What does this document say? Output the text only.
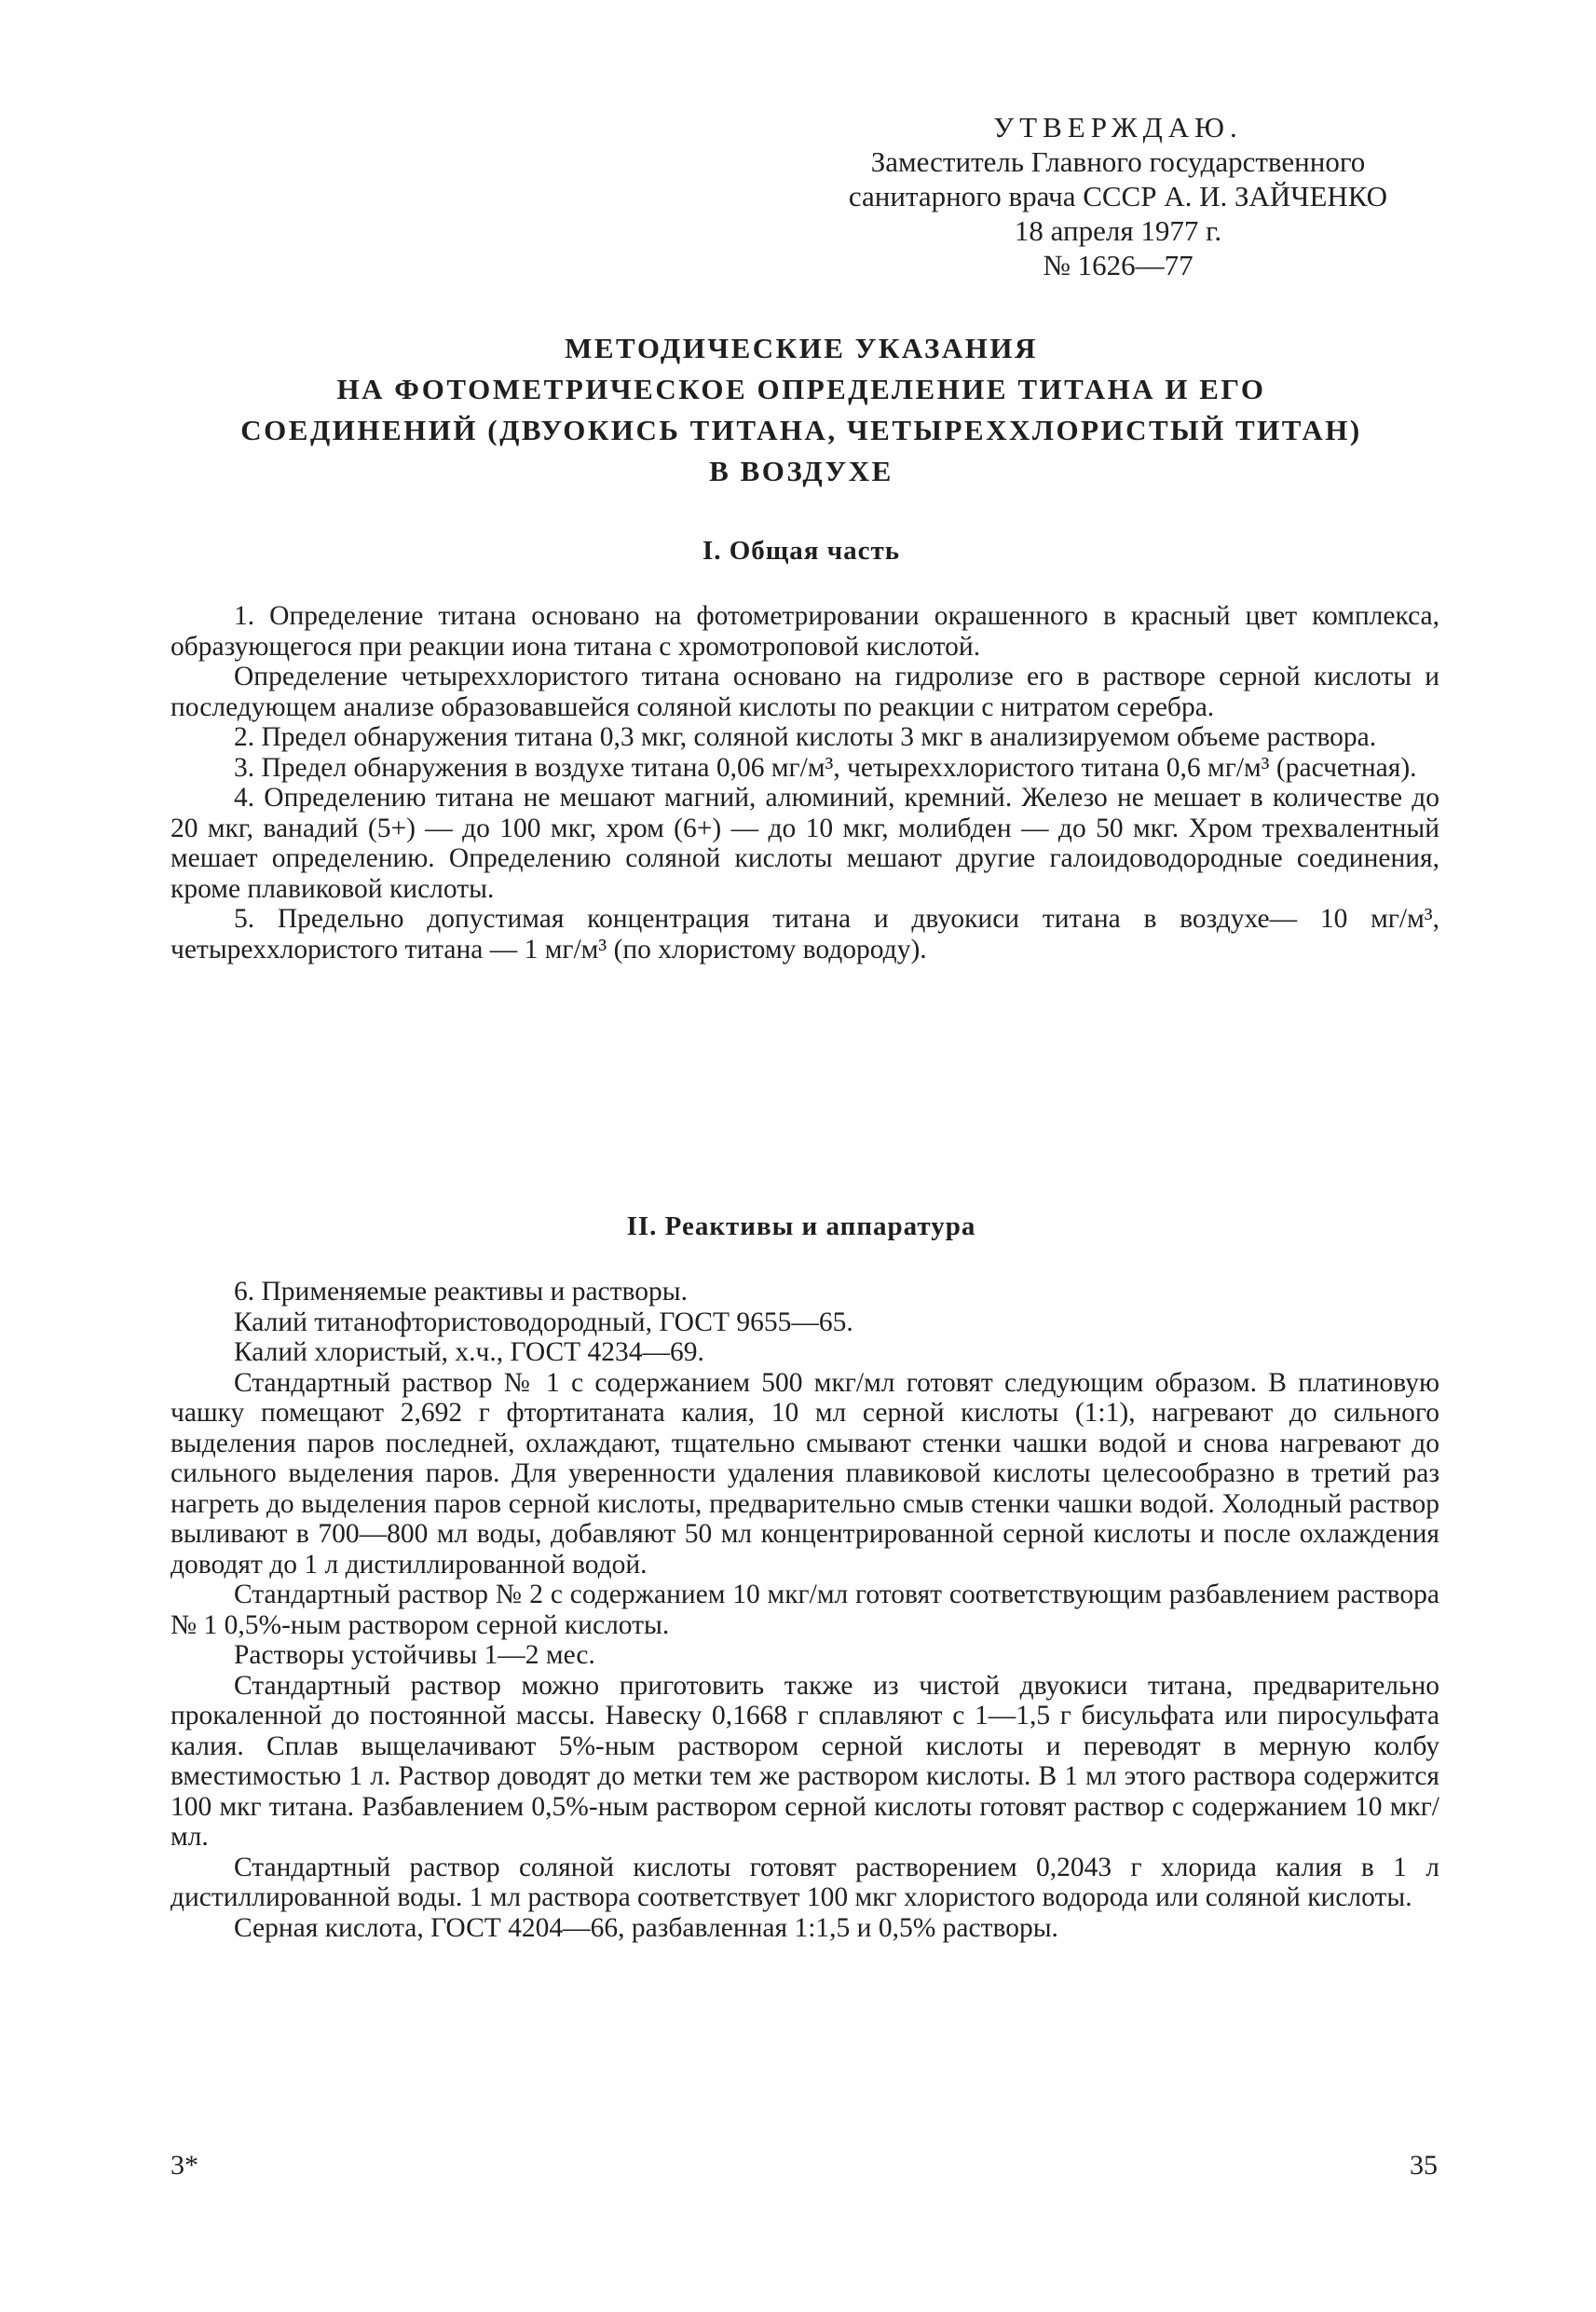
УТВЕРЖДАЮ.
Заместитель Главного государственного
санитарного врача СССР А. И. ЗАЙЧЕНКО
18 апреля 1977 г.
№ 1626—77
МЕТОДИЧЕСКИЕ УКАЗАНИЯ
НА ФОТОМЕТРИЧЕСКОЕ ОПРЕДЕЛЕНИЕ ТИТАНА И ЕГО
СОЕДИНЕНИЙ (ДВУОКИСЬ ТИТАНА, ЧЕТЫРЕХХЛОРИСТЫЙ ТИТАН)
В ВОЗДУХЕ
I. Общая часть

1. Определение титана основано на фотометрировании окрашенного в красный цвет комплекса, образующегося при реакции иона титана с хромотроповой кислотой.

Определение четыреххлористого титана основано на гидролизе его в растворе серной кислоты и последующем анализе образовавшейся соляной кислоты по реакции с нитратом серебра.

2. Предел обнаружения титана 0,3 мкг, соляной кислоты 3 мкг в анализируемом объеме раствора.

3. Предел обнаружения в воздухе титана 0,06 мг/м³, четыреххлористого титана 0,6 мг/м³ (расчетная).

4. Определению титана не мешают магний, алюминий, кремний. Железо не мешает в количестве до 20 мкг, ванадий (5+) — до 100 мкг, хром (6+) — до 10 мкг, молибден — до 50 мкг. Хром трехвалентный мешает определению. Определению соляной кислоты мешают другие галоидоводородные соединения, кроме плавиковой кислоты.

5. Предельно допустимая концентрация титана и двуокиси титана в воздухе— 10 мг/м³, четыреххлористого титана — 1 мг/м³ (по хлористому водороду).

II. Реактивы и аппаратура

6. Применяемые реактивы и растворы.

Калий титанофтористоводородный, ГОСТ 9655—65.

Калий хлористый, х.ч., ГОСТ 4234—69.

Стандартный раствор № 1 с содержанием 500 мкг/мл готовят следующим образом. В платиновую чашку помещают 2,692 г фтортитаната калия, 10 мл серной кислоты (1:1), нагревают до сильного выделения паров последней, охлаждают, тщательно смывают стенки чашки водой и снова нагревают до сильного выделения паров. Для уверенности удаления плавиковой кислоты целесообразно в третий раз нагреть до выделения паров серной кислоты, предварительно смыв стенки чашки водой. Холодный раствор выливают в 700—800 мл воды, добавляют 50 мл концентрированной серной кислоты и после охлаждения доводят до 1 л дистиллированной водой.

Стандартный раствор № 2 с содержанием 10 мкг/мл готовят соответствующим разбавлением раствора № 1 0,5%-ным раствором серной кислоты.

Растворы устойчивы 1—2 мес.

Стандартный раствор можно приготовить также из чистой двуокиси титана, предварительно прокаленной до постоянной массы. Навеску 0,1668 г сплавляют с 1—1,5 г бисульфата или пиросульфата калия. Сплав выщелачивают 5%-ным раствором серной кислоты и переводят в мерную колбу вместимостью 1 л. Раствор доводят до метки тем же раствором кислоты. В 1 мл этого раствора содержится 100 мкг титана. Разбавлением 0,5%-ным раствором серной кислоты готовят раствор с содержанием 10 мкг/мл.

Стандартный раствор соляной кислоты готовят растворением 0,2043 г хлорида калия в 1 л дистиллированной воды. 1 мл раствора соответствует 100 мкг хлористого водорода или соляной кислоты.

Серная кислота, ГОСТ 4204—66, разбавленная 1:1,5 и 0,5% растворы.

3*	35
